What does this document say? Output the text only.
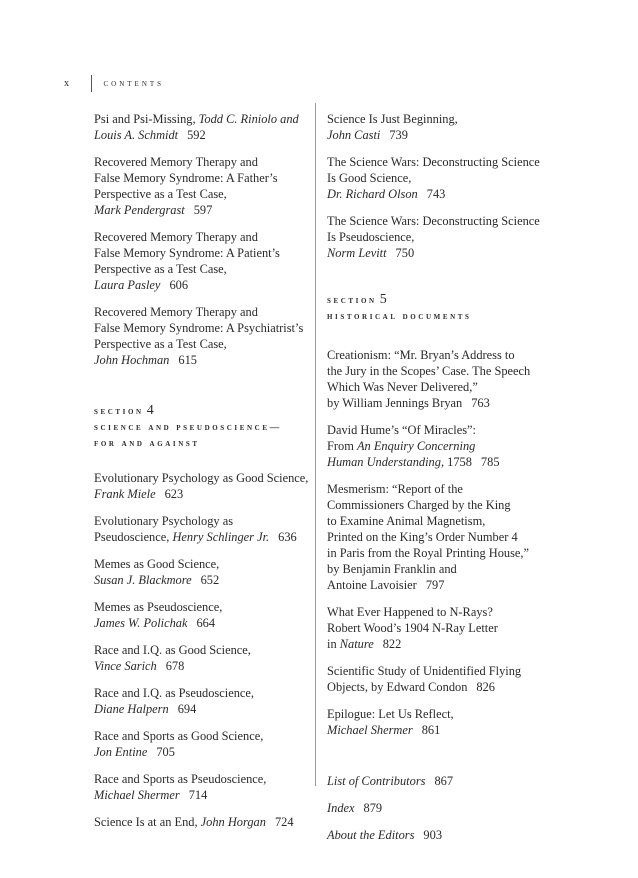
x	contents
Psi and Psi-Missing, Todd C. Riniolo and
Louis A. Schmidt 592
Recovered Memory Therapy and
False Memory Syndrome: A Father’s
Perspective as a Test Case,
Mark Pendergrast 597
Recovered Memory Therapy and
False Memory Syndrome: A Patient’s
Perspective as a Test Case,
Laura Pasley 606
Recovered Memory Therapy and
False Memory Syndrome: A Psychiatrist’s
Perspective as a Test Case,
John Hochman 615
section 4
science and pseudoscience—
for and against
Evolutionary Psychology as Good Science,
Frank Miele 623
Evolutionary Psychology as
Pseudoscience, Henry Schlinger Jr. 636
Memes as Good Science,
Susan J. Blackmore 652
Memes as Pseudoscience,
James W. Polichak 664
Race and I.Q. as Good Science,
Vince Sarich 678
Race and I.Q. as Pseudoscience,
Diane Halpern 694
Race and Sports as Good Science,
Jon Entine 705
Race and Sports as Pseudoscience,
Michael Shermer 714
Science Is at an End, John Horgan 724
Science Is Just Beginning,
John Casti 739
The Science Wars: Deconstructing Science
Is Good Science,
Dr. Richard Olson 743
The Science Wars: Deconstructing Science
Is Pseudoscience,
Norm Levitt 750
section 5
historical documents
Creationism: “Mr. Bryan’s Address to
the Jury in the Scopes’ Case. The Speech
Which Was Never Delivered,”
by William Jennings Bryan 763
David Hume’s “Of Miracles”:
From An Enquiry Concerning
Human Understanding, 1758 785
Mesmerism: “Report of the
Commissioners Charged by the King
to Examine Animal Magnetism,
Printed on the King’s Order Number 4
in Paris from the Royal Printing House,”
by Benjamin Franklin and
Antoine Lavoisier 797
What Ever Happened to N-Rays?
Robert Wood’s 1904 N-Ray Letter
in Nature 822
Scientific Study of Unidentified Flying
Objects, by Edward Condon 826
Epilogue: Let Us Reflect,
Michael Shermer 861
List of Contributors 867
Index 879
About the Editors 903
